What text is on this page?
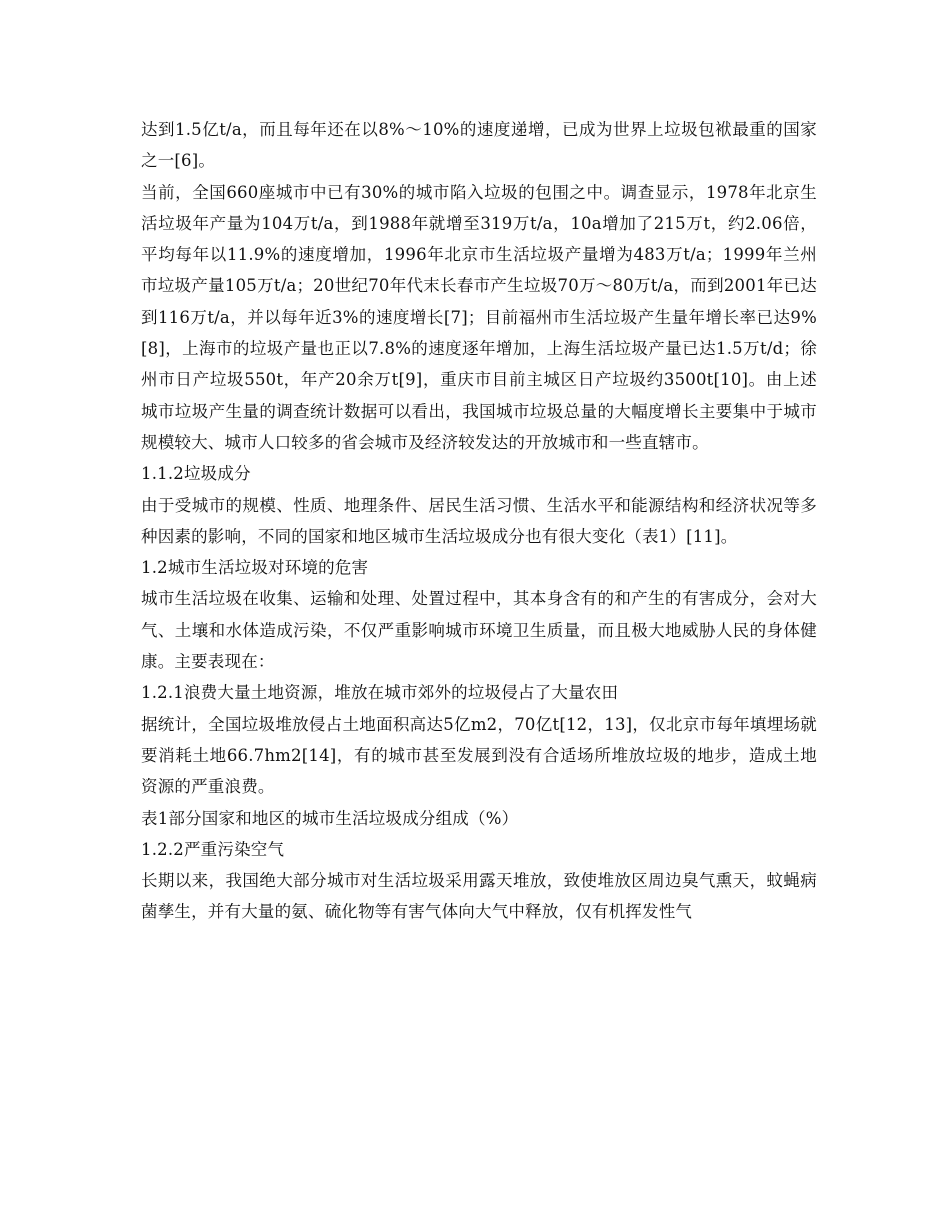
达到1.5亿t/a，而且每年还在以8%～10%的速度递增，已成为世界上垃圾包袱最重的国家之一[6]。

当前，全国660座城市中已有30%的城市陷入垃圾的包围之中。调查显示，1978年北京生活垃圾年产量为104万t/a，到1988年就增至319万t/a，10a增加了215万t，约2.06倍，平均每年以11.9%的速度增加，1996年北京市生活垃圾产量增为483万t/a；1999年兰州市垃圾产量105万t/a；20世纪70年代末长春市产生垃圾70万～80万t/a，而到2001年已达到116万t/a，并以每年近3%的速度增长[7]；目前福州市生活垃圾产生量年增长率已达9%[8]，上海市的垃圾产量也正以7.8%的速度逐年增加，上海生活垃圾产量已达1.5万t/d；徐州市日产垃圾550t，年产20余万t[9]，重庆市目前主城区日产垃圾约3500t[10]。由上述城市垃圾产生量的调查统计数据可以看出，我国城市垃圾总量的大幅度增长主要集中于城市规模较大、城市人口较多的省会城市及经济较发达的开放城市和一些直辖市。

1.1.2垃圾成分

由于受城市的规模、性质、地理条件、居民生活习惯、生活水平和能源结构和经济状况等多种因素的影响，不同的国家和地区城市生活垃圾成分也有很大变化（表1）[11]。

1.2城市生活垃圾对环境的危害

城市生活垃圾在收集、运输和处理、处置过程中，其本身含有的和产生的有害成分，会对大气、土壤和水体造成污染，不仅严重影响城市环境卫生质量，而且极大地威胁人民的身体健康。主要表现在：

1.2.1浪费大量土地资源，堆放在城市郊外的垃圾侵占了大量农田

据统计，全国垃圾堆放侵占土地面积高达5亿m2，70亿t[12，13]，仅北京市每年填埋场就要消耗土地66.7hm2[14]，有的城市甚至发展到没有合适场所堆放垃圾的地步，造成土地资源的严重浪费。

表1部分国家和地区的城市生活垃圾成分组成（%）

1.2.2严重污染空气

长期以来，我国绝大部分城市对生活垃圾采用露天堆放，致使堆放区周边臭气熏天，蚊蝇病菌孳生，并有大量的氨、硫化物等有害气体向大气中释放，仅有机挥发性气
